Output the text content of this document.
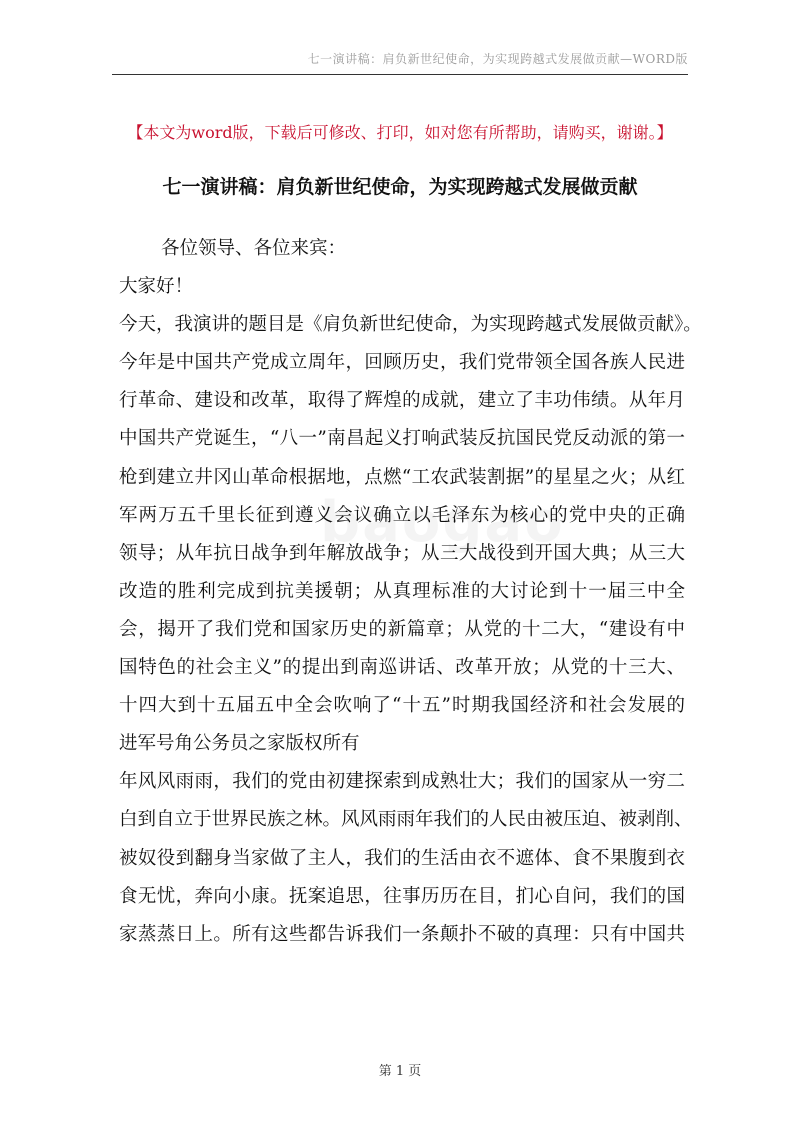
七一演讲稿：肩负新世纪使命，为实现跨越式发展做贡献—WORD版
【本文为word版，下载后可修改、打印，如对您有所帮助，请购买，谢谢。】
七一演讲稿：肩负新世纪使命，为实现跨越式发展做贡献
各位领导、各位来宾：
大家好！
今天，我演讲的题目是《肩负新世纪使命，为实现跨越式发展做贡献》。
今年是中国共产党成立周年，回顾历史，我们党带领全国各族人民进
行革命、建设和改革，取得了辉煌的成就，建立了丰功伟绩。从年月
中国共产党诞生，“八一”南昌起义打响武装反抗国民党反动派的第一
枪到建立井冈山革命根据地，点燃“工农武装割据”的星星之火；从红
军两万五千里长征到遵义会议确立以毛泽东为核心的党中央的正确
领导；从年抗日战争到年解放战争；从三大战役到开国大典；从三大
改造的胜利完成到抗美援朝；从真理标准的大讨论到十一届三中全
会，揭开了我们党和国家历史的新篇章；从党的十二大，“建设有中
国特色的社会主义”的提出到南巡讲话、改革开放；从党的十三大、
十四大到十五届五中全会吹响了“十五”时期我国经济和社会发展的
进军号角公务员之家版权所有
年风风雨雨，我们的党由初建探索到成熟壮大；我们的国家从一穷二
白到自立于世界民族之林。风风雨雨年我们的人民由被压迫、被剥削、
被奴役到翻身当家做了主人，我们的生活由衣不遮体、食不果腹到衣
食无忧，奔向小康。抚案追思，往事历历在目，扪心自问，我们的国
家蒸蒸日上。所有这些都告诉我们一条颠扑不破的真理：只有中国共
第 1 页
